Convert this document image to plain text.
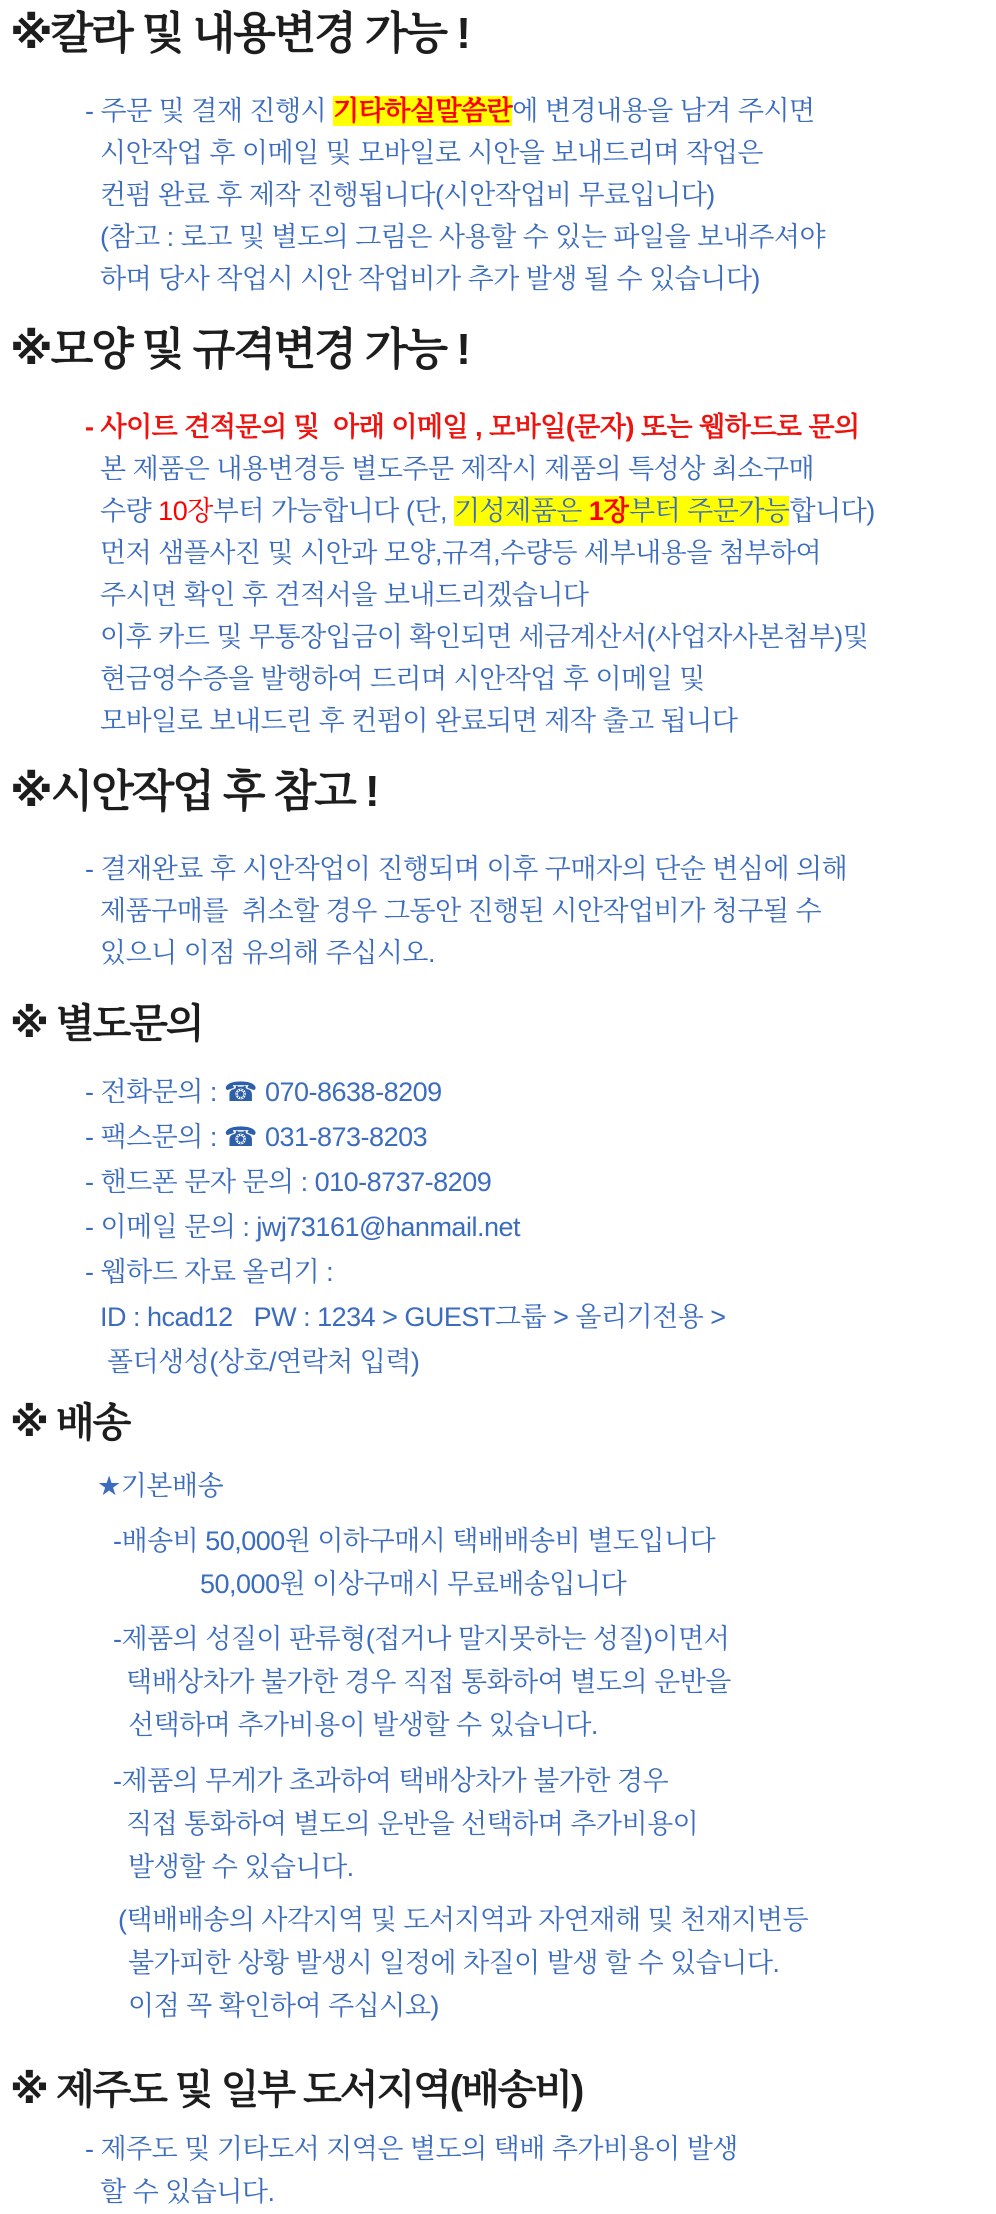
※칼라 및 내용변경 가능 !
- 주문 및 결재 진행시 기타하실말씀란에 변경내용을 남겨 주시면
시안작업 후 이메일 및 모바일로 시안을 보내드리며 작업은
컨펌 완료 후 제작 진행됩니다(시안작업비 무료입니다)
(참고 : 로고 및 별도의 그림은 사용할 수 있는 파일을 보내주셔야
하며 당사 작업시 시안 작업비가 추가 발생 될 수 있습니다)
※모양 및 규격변경 가능 !
- 사이트 견적문의 및  아래 이메일 , 모바일(문자) 또는 웹하드로 문의
본 제품은 내용변경등 별도주문 제작시 제품의 특성상 최소구매
수량 10장부터 가능합니다 (단, 기성제품은 1장부터 주문가능합니다)
먼저 샘플사진 및 시안과 모양,규격,수량등 세부내용을 첨부하여
주시면 확인 후 견적서을 보내드리겠습니다
이후 카드 및 무통장입금이 확인되면 세금계산서(사업자사본첨부)및
현금영수증을 발행하여 드리며 시안작업 후 이메일 및
모바일로 보내드린 후 컨펌이 완료되면 제작 출고 됩니다
※시안작업 후 참고 !
- 결재완료 후 시안작업이 진행되며 이후 구매자의 단순 변심에 의해
제품구매를  취소할 경우 그동안 진행된 시안작업비가 청구될 수
있으니 이점 유의해 주십시오.
※ 별도문의
- 전화문의 : ☎ 070-8638-8209
- 팩스문의 : ☎ 031-873-8203
- 핸드폰 문자 문의 : 010-8737-8209
- 이메일 문의 : jwj73161@hanmail.net
- 웹하드 자료 올리기 :
ID : hcad12   PW : 1234 > GUEST그룹 > 올리기전용 >
폴더생성(상호/연락처 입력)
※ 배송
★기본배송
-배송비 50,000원 이하구매시 택배배송비 별도입니다
50,000원 이상구매시 무료배송입니다
-제품의 성질이 판류형(접거나 말지못하는 성질)이면서
택배상차가 불가한 경우 직접 통화하여 별도의 운반을
선택하며 추가비용이 발생할 수 있습니다.
-제품의 무게가 초과하여 택배상차가 불가한 경우
직접 통화하여 별도의 운반을 선택하며 추가비용이
발생할 수 있습니다.
(택배배송의 사각지역 및 도서지역과 자연재해 및 천재지변등
불가피한 상황 발생시 일정에 차질이 발생 할 수 있습니다.
이점 꼭 확인하여 주십시요)
※ 제주도 및 일부 도서지역(배송비)
- 제주도 및 기타도서 지역은 별도의 택배 추가비용이 발생
할 수 있습니다.
